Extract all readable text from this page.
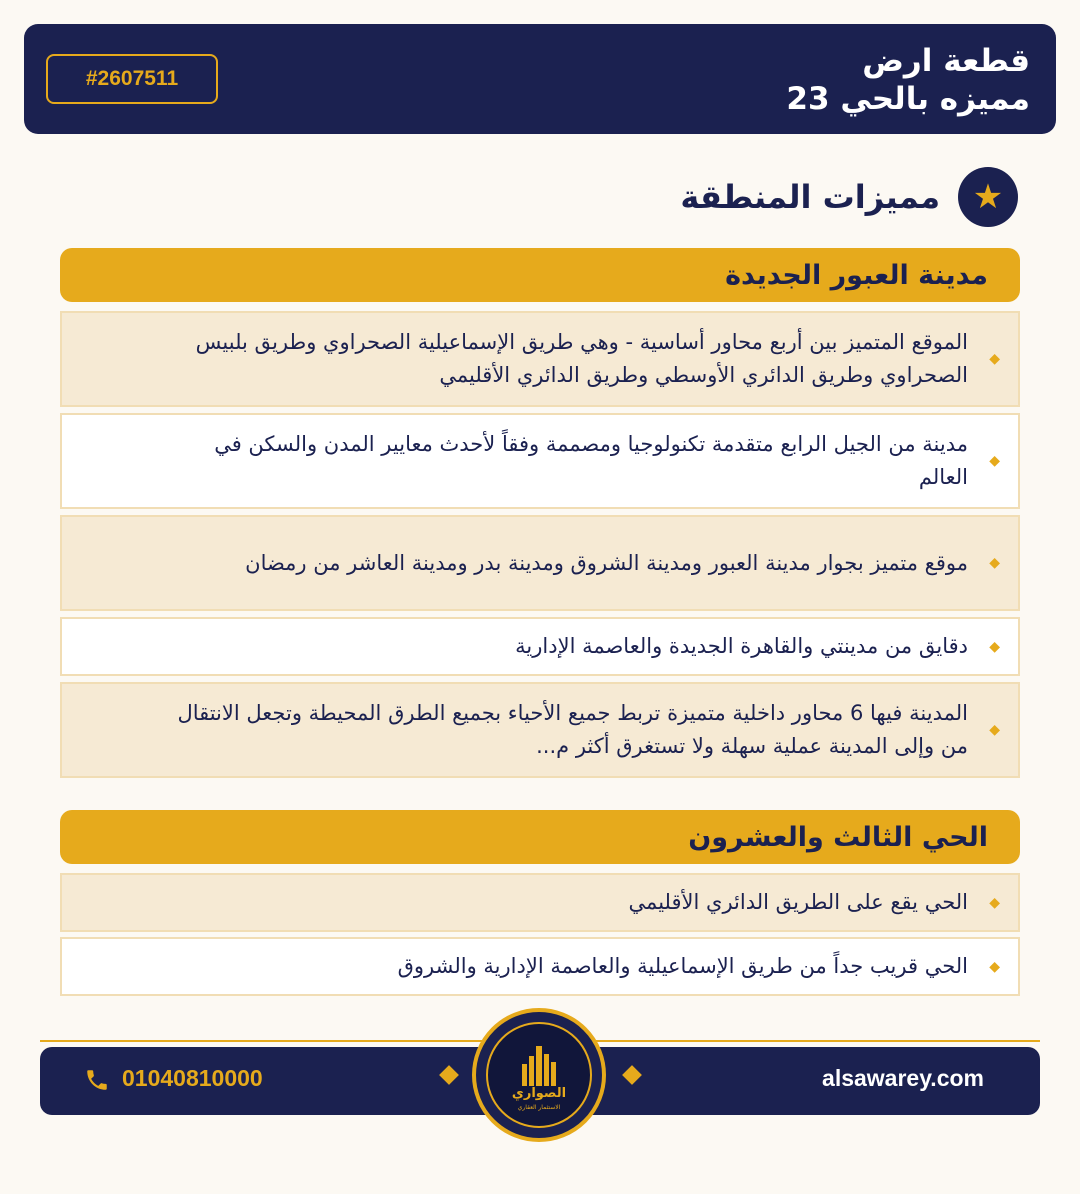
قطعة ارض
مميزه بالحي 23
#2607511
مميزات المنطقة ★
مدينة العبور الجديدة
◆
الموقع المتميز بين أربع محاور أساسية - وهي طريق الإسماعيلية الصحراوي وطريق بلبيس الصحراوي وطريق الدائري الأوسطي وطريق الدائري الأقليمي
◆
مدينة من الجيل الرابع متقدمة تكنولوجيا ومصممة وفقاً لأحدث معايير المدن والسكن في العالم
◆
موقع متميز بجوار مدينة العبور ومدينة الشروق ومدينة بدر ومدينة العاشر من رمضان
◆
دقايق من مدينتي والقاهرة الجديدة والعاصمة الإدارية
◆
المدينة فيها 6 محاور داخلية متميزة تربط جميع الأحياء بجميع الطرق المحيطة وتجعل الانتقال من وإلى المدينة عملية سهلة ولا تستغرق أكثر م...
الحي الثالث والعشرون
◆
الحي يقع على الطريق الدائري الأقليمي
◆
الحي قريب جداً من طريق الإسماعيلية والعاصمة الإدارية والشروق
alsawarey.com
01040810000
الصواري
الاستثمار العقاري
